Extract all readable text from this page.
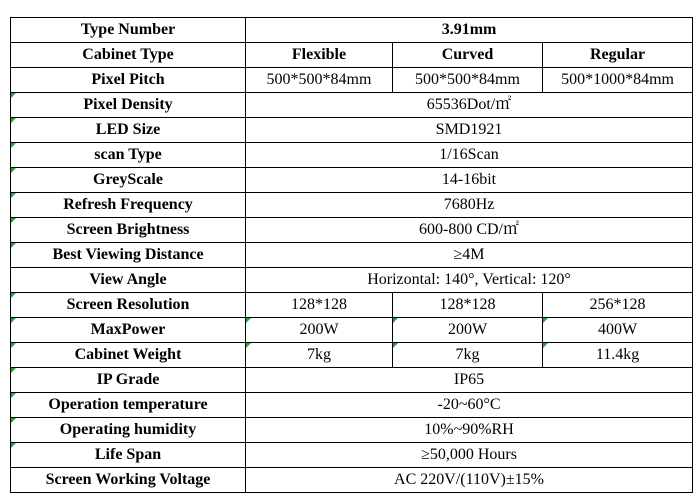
Type Number	3.91mm		
Cabinet Type	Flexible	Curved	Regular
Pixel Pitch	500*500*84mm	500*500*84mm	500*1000*84mm

Pixel Density	65536Dot/㎡		

LED Size	SMD1921		

scan Type	1/16Scan		

GreyScale	14-16bit		

Refresh Frequency	7680Hz		

Screen Brightness	600-800 CD/㎡		

Best Viewing Distance	≥4M		
View Angle	Horizontal: 140°, Vertical: 120°		

Screen Resolution	128*128	128*128	256*128

MaxPower	200W	200W	400W

Cabinet Weight	7kg	7kg	11.4kg

IP Grade	IP65		

Operation temperature	-20~60°C		

Operating humidity	10%~90%RH		

Life Span	≥50,000 Hours		
Screen Working Voltage	AC 220V/(110V)±15%		
